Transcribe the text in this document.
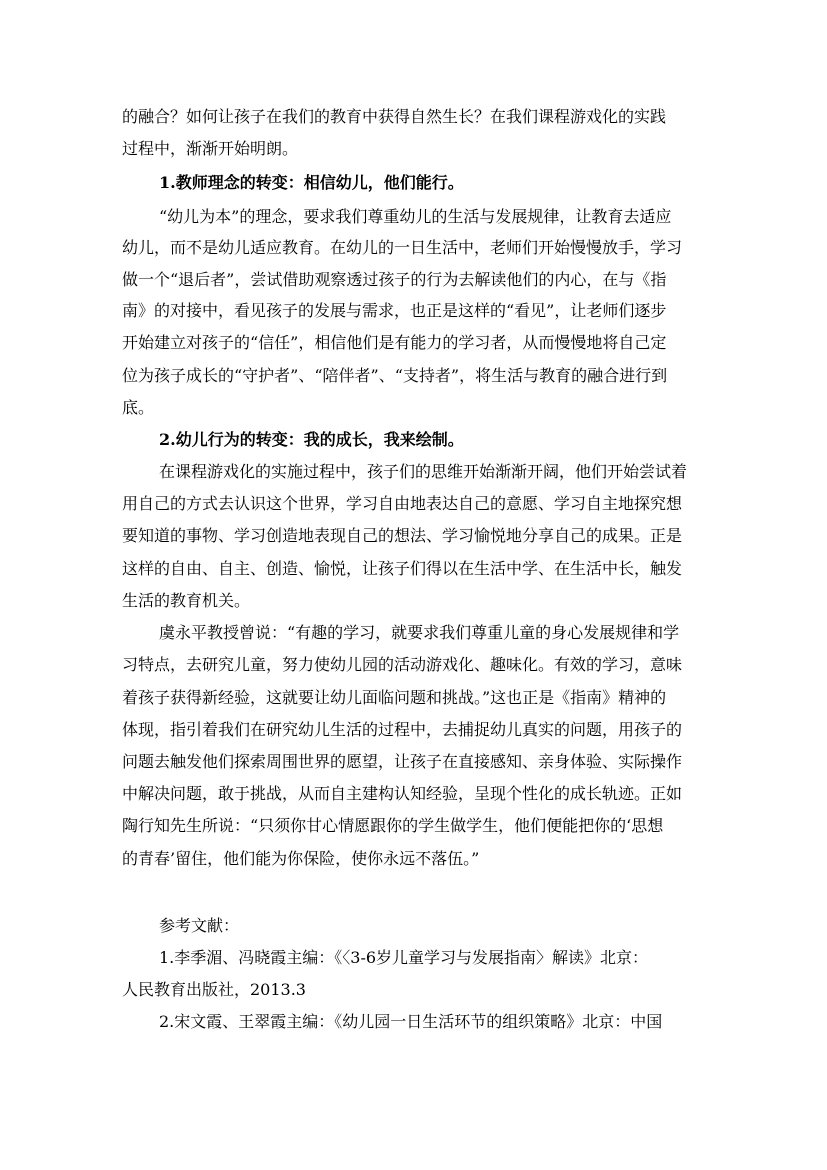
的融合？如何让孩子在我们的教育中获得自然生长？在我们课程游戏化的实践
过程中，渐渐开始明朗。
1.教师理念的转变：相信幼儿，他们能行。
“幼儿为本”的理念，要求我们尊重幼儿的生活与发展规律，让教育去适应
幼儿，而不是幼儿适应教育。在幼儿的一日生活中，老师们开始慢慢放手，学习
做一个“退后者”，尝试借助观察透过孩子的行为去解读他们的内心，在与《指
南》的对接中，看见孩子的发展与需求，也正是这样的“看见”，让老师们逐步
开始建立对孩子的“信任”，相信他们是有能力的学习者，从而慢慢地将自己定
位为孩子成长的“守护者”、“陪伴者”、“支持者”，将生活与教育的融合进行到
底。
2.幼儿行为的转变：我的成长，我来绘制。
在课程游戏化的实施过程中，孩子们的思维开始渐渐开阔，他们开始尝试着
用自己的方式去认识这个世界，学习自由地表达自己的意愿、学习自主地探究想
要知道的事物、学习创造地表现自己的想法、学习愉悦地分享自己的成果。正是
这样的自由、自主、创造、愉悦，让孩子们得以在生活中学、在生活中长，触发
生活的教育机关。
虞永平教授曾说：“有趣的学习，就要求我们尊重儿童的身心发展规律和学
习特点，去研究儿童，努力使幼儿园的活动游戏化、趣味化。有效的学习，意味
着孩子获得新经验，这就要让幼儿面临问题和挑战。”这也正是《指南》精神的
体现，指引着我们在研究幼儿生活的过程中，去捕捉幼儿真实的问题，用孩子的
问题去触发他们探索周围世界的愿望，让孩子在直接感知、亲身体验、实际操作
中解决问题，敢于挑战，从而自主建构认知经验，呈现个性化的成长轨迹。正如
陶行知先生所说：“只须你甘心情愿跟你的学生做学生，他们便能把你的‘思想
的青春’留住，他们能为你保险，使你永远不落伍。”
参考文献：
1.李季湄、冯晓霞主编：《〈3-6岁儿童学习与发展指南〉解读》北京：
人民教育出版社，2013.3
2.宋文霞、王翠霞主编：《幼儿园一日生活环节的组织策略》北京：中国
